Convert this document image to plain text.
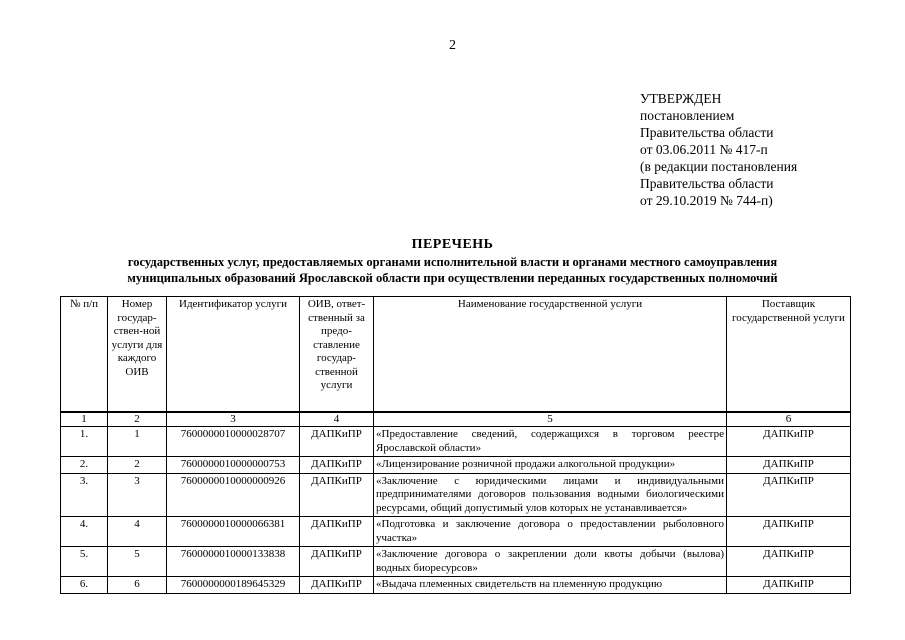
2
УТВЕРЖДЕН
постановлением
Правительства области
от 03.06.2011 № 417-п
(в редакции постановления
Правительства области
от 29.10.2019 № 744-п)
ПЕРЕЧЕНЬ
государственных услуг, предоставляемых органами исполнительной власти и органами местного самоуправления
муниципальных образований Ярославской области при осуществлении переданных государственных полномочий
№ п/п	Номер государ-ствен-ной услуги для каждого ОИВ	Идентификатор услуги	ОИВ, ответ-ственный за предо-ставление государ-ственной услуги	Наименование государственной услуги	Поставщик государственной услуги

1	2	3	4	5	6
1.	1	7600000010000028707	ДАПКиПР	«Предоставление сведений, содержащихся в торговом реестре Ярославской области»	ДАПКиПР
2.	2	7600000010000000753	ДАПКиПР	«Лицензирование розничной продажи алкогольной продукции»	ДАПКиПР
3.	3	7600000010000000926	ДАПКиПР	«Заключение с юридическими лицами и индивидуальными предпринимателями договоров пользования водными биологическими ресурсами, общий допустимый улов которых не устанавливается»	ДАПКиПР
4.	4	7600000010000066381	ДАПКиПР	«Подготовка и заключение договора о предоставлении рыболовного участка»	ДАПКиПР
5.	5	7600000010000133838	ДАПКиПР	«Заключение договора о закреплении доли квоты добычи (вылова) водных биоресурсов»	ДАПКиПР
6.	6	7600000000189645329	ДАПКиПР	«Выдача племенных свидетельств на племенную продукцию	ДАПКиПР
